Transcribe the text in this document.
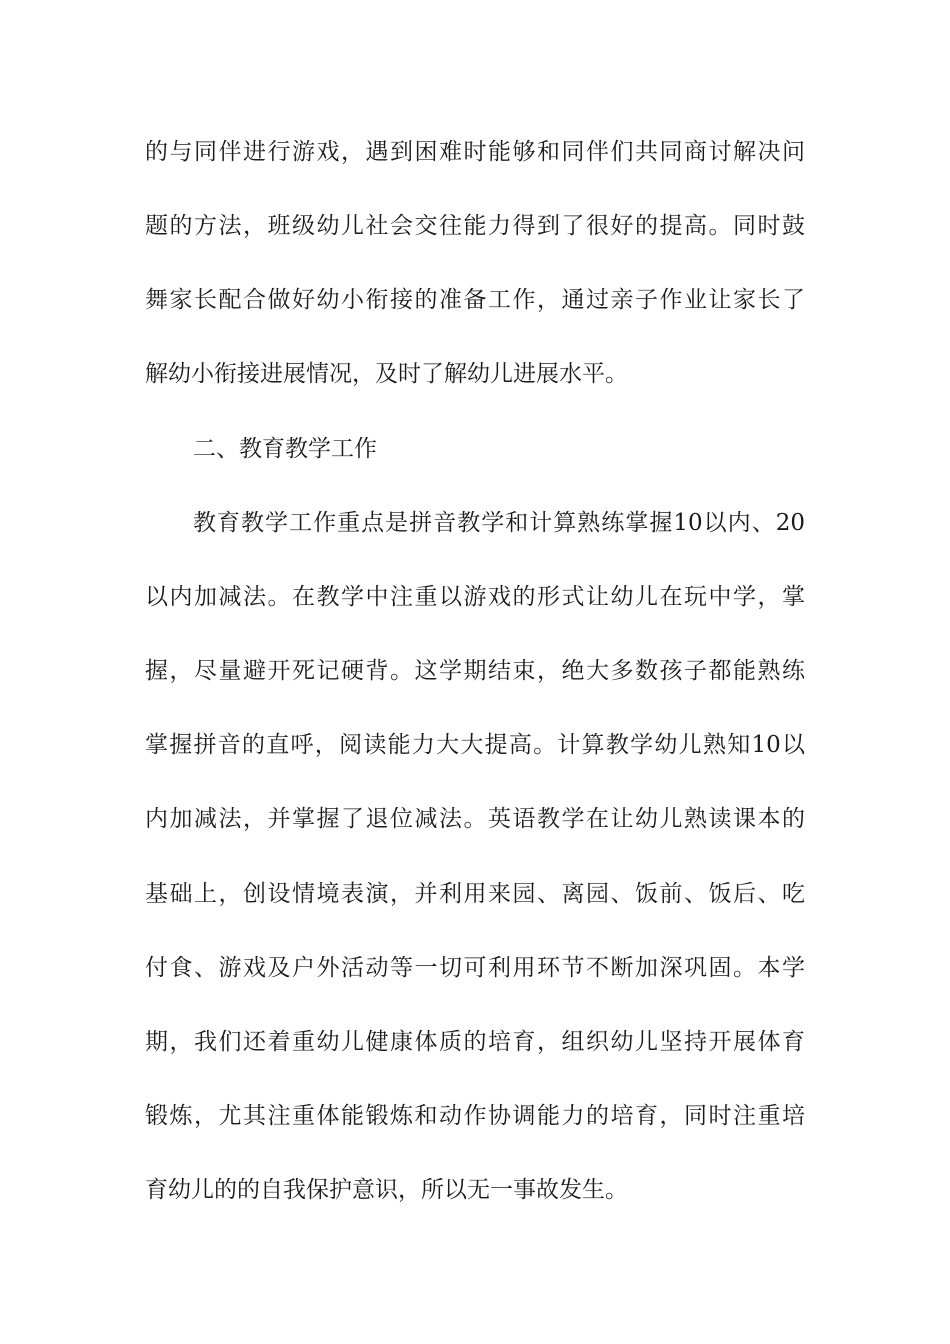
的与同伴进行游戏，遇到困难时能够和同伴们共同商讨解决问
题的方法，班级幼儿社会交往能力得到了很好的提高。同时鼓
舞家长配合做好幼小衔接的准备工作，通过亲子作业让家长了
解幼小衔接进展情况，及时了解幼儿进展水平。
二、教育教学工作
教育教学工作重点是拼音教学和计算熟练掌握10以内、20
以内加减法。在教学中注重以游戏的形式让幼儿在玩中学，掌
握，尽量避开死记硬背。这学期结束，绝大多数孩子都能熟练
掌握拼音的直呼，阅读能力大大提高。计算教学幼儿熟知10以
内加减法，并掌握了退位减法。英语教学在让幼儿熟读课本的
基础上，创设情境表演，并利用来园、离园、饭前、饭后、吃
付食、游戏及户外活动等一切可利用环节不断加深巩固。本学
期，我们还着重幼儿健康体质的培育，组织幼儿坚持开展体育
锻炼，尤其注重体能锻炼和动作协调能力的培育，同时注重培
育幼儿的的自我保护意识，所以无一事故发生。
